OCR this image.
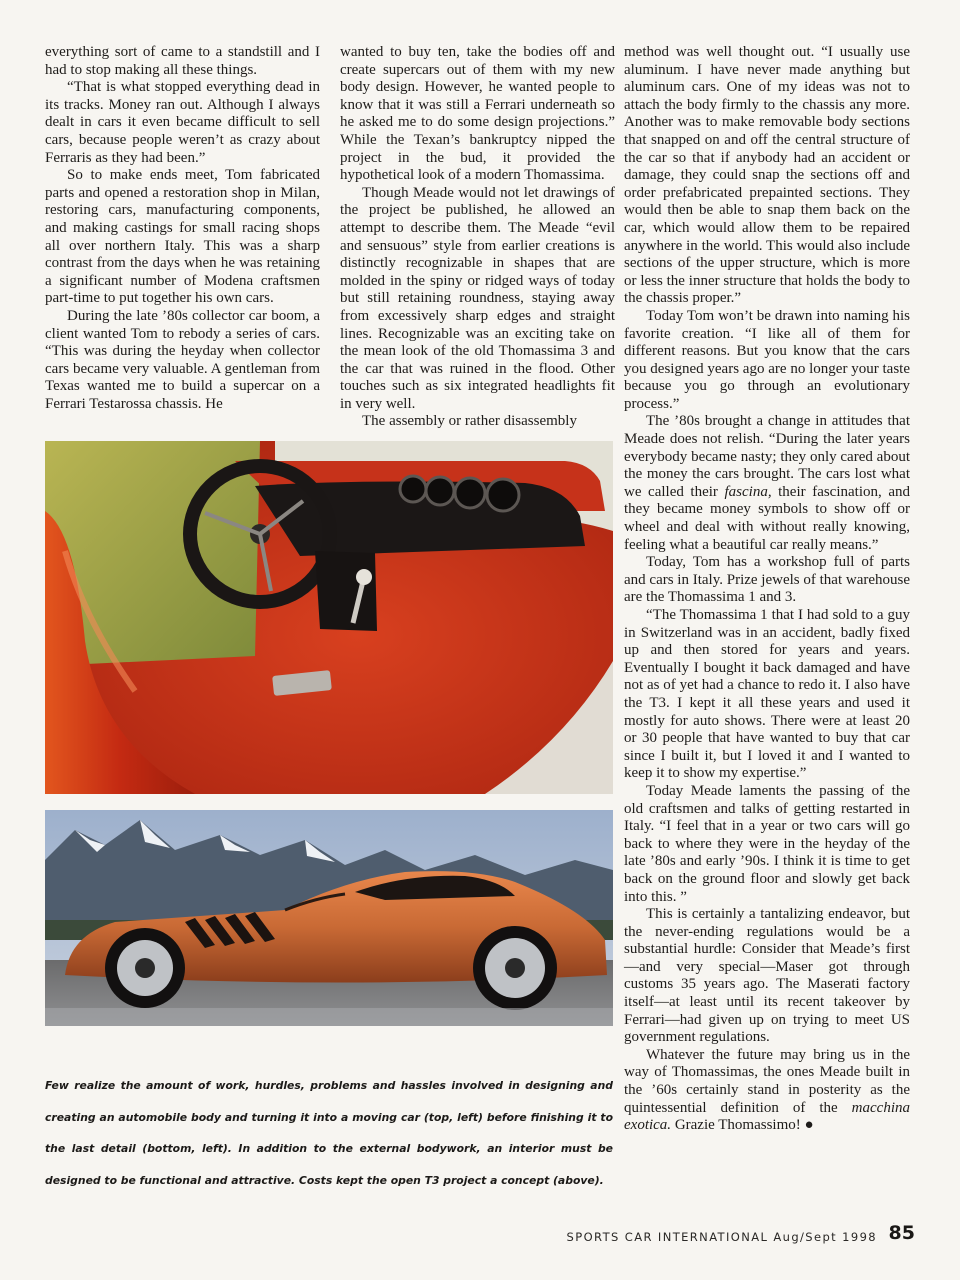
everything sort of came to a standstill and I had to stop making all these things.

“That is what stopped everything dead in its tracks. Money ran out. Although I always dealt in cars it even became difficult to sell cars, because people weren’t as crazy about Ferraris as they had been.”

So to make ends meet, Tom fabricated parts and opened a restoration shop in Milan, restoring cars, manufacturing components, and making castings for small racing shops all over northern Italy. This was a sharp contrast from the days when he was retaining a significant number of Modena craftsmen part-time to put together his own cars.

During the late ’80s collector car boom, a client wanted Tom to rebody a series of cars. “This was during the heyday when collector cars became very valuable. A gentleman from Texas wanted me to build a supercar on a Ferrari Testarossa chassis. He

wanted to buy ten, take the bodies off and create supercars out of them with my new body design. However, he wanted people to know that it was still a Ferrari underneath so he asked me to do some design projections.” While the Texan’s bankruptcy nipped the project in the bud, it provided the hypothetical look of a modern Thomassima.

Though Meade would not let drawings of the project be published, he allowed an attempt to describe them. The Meade “evil and sensuous” style from earlier creations is distinctly recognizable in shapes that are molded in the spiny or ridged ways of today but still retaining roundness, staying away from excessively sharp edges and straight lines. Recognizable was an exciting take on the mean look of the old Thomassima 3 and the car that was ruined in the flood. Other touches such as six integrated headlights fit in very well.

The assembly or rather disassembly

method was well thought out. “I usually use aluminum. I have never made anything but aluminum cars. One of my ideas was not to attach the body firmly to the chassis any more. Another was to make removable body sections that snapped on and off the central structure of the car so that if anybody had an accident or damage, they could snap the sections off and order prefabricated prepainted sections. They would then be able to snap them back on the car, which would allow them to be repaired anywhere in the world. This would also include sections of the upper structure, which is more or less the inner structure that holds the body to the chassis proper.”

Today Tom won’t be drawn into naming his favorite creation. “I like all of them for different reasons. But you know that the cars you designed years ago are no longer your taste because you go through an evolutionary process.”

The ’80s brought a change in attitudes that Meade does not relish. “During the later years everybody became nasty; they only cared about the money the cars brought. The cars lost what we called their fascina, their fascination, and they became money symbols to show off or wheel and deal with without really knowing, feeling what a beautiful car really means.”

Today, Tom has a workshop full of parts and cars in Italy. Prize jewels of that warehouse are the Thomassima 1 and 3.

“The Thomassima 1 that I had sold to a guy in Switzerland was in an accident, badly fixed up and then stored for years and years. Eventually I bought it back damaged and have not as of yet had a chance to redo it. I also have the T3. I kept it all these years and used it mostly for auto shows. There were at least 20 or 30 people that have wanted to buy that car since I built it, but I loved it and I wanted to keep it to show my expertise.”

Today Meade laments the passing of the old craftsmen and talks of getting restarted in Italy. “I feel that in a year or two cars will go back to where they were in the heyday of the late ’80s and early ’90s. I think it is time to get back on the ground floor and slowly get back into this. ”

This is certainly a tantalizing endeavor, but the never-ending regulations would be a substantial hurdle: Consider that Meade’s first—and very special—Maser got through customs 35 years ago. The Maserati factory itself—at least until its recent takeover by Ferrari—had given up on trying to meet US government regulations.

Whatever the future may bring us in the way of Thomassimas, the ones Meade built in the ’60s certainly stand in posterity as the quintessential definition of the macchina exotica. Grazie Thomassimo! ●

Few realize the amount of work, hurdles, problems and hassles involved in designing and creating an automobile body and turning it into a moving car (top, left) before finishing it to the last detail (bottom, left). In addition to the external bodywork, an interior must be designed to be functional and attractive. Costs kept the open T3 project a concept (above).
SPORTS CAR INTERNATIONAL Aug/Sept 1998 85
